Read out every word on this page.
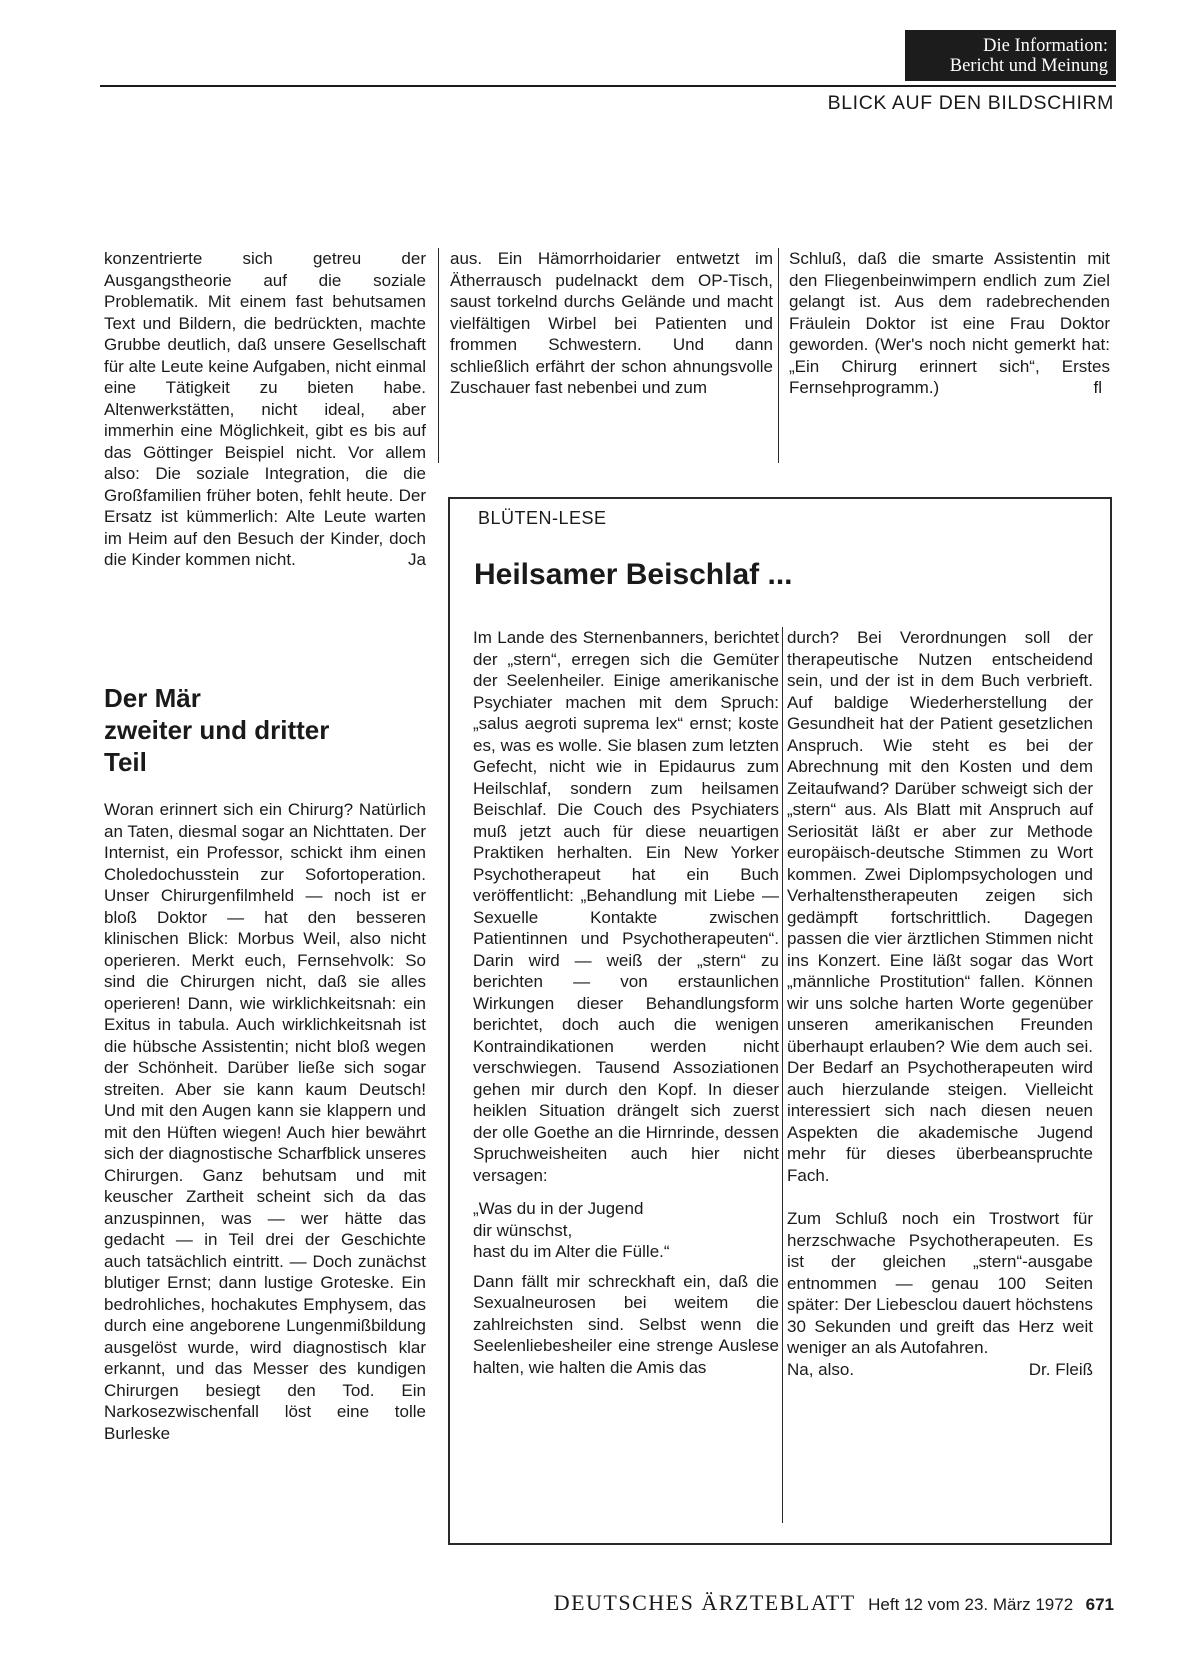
Die Information:
Bericht und Meinung
BLICK AUF DEN BILDSCHIRM

konzentrierte sich getreu der Ausgangstheorie auf die soziale Problematik. Mit einem fast behutsamen Text und Bildern, die bedrückten, machte Grubbe deutlich, daß unsere Gesellschaft für alte Leute keine Aufgaben, nicht einmal eine Tätigkeit zu bieten habe. Altenwerkstätten, nicht ideal, aber immerhin eine Möglichkeit, gibt es bis auf das Göttinger Beispiel nicht. Vor allem also: Die soziale Integration, die die Großfamilien früher boten, fehlt heute. Der Ersatz ist kümmerlich: Alte Leute warten im Heim auf den Besuch der Kinder, doch die Kinder kommen nicht.	Ja
Der Mär
zweiter und dritter
Teil

Woran erinnert sich ein Chirurg? Natürlich an Taten, diesmal sogar an Nichttaten. Der Internist, ein Professor, schickt ihm einen Choledochusstein zur Sofortoperation. Unser Chirurgenfilmheld — noch ist er bloß Doktor — hat den besseren klinischen Blick: Morbus Weil, also nicht operieren. Merkt euch, Fernsehvolk: So sind die Chirurgen nicht, daß sie alles operieren! Dann, wie wirklichkeitsnah: ein Exitus in tabula. Auch wirklichkeitsnah ist die hübsche Assistentin; nicht bloß wegen der Schönheit. Darüber ließe sich sogar streiten. Aber sie kann kaum Deutsch! Und mit den Augen kann sie klappern und mit den Hüften wiegen! Auch hier bewährt sich der diagnostische Scharfblick unseres Chirurgen. Ganz behutsam und mit keuscher Zartheit scheint sich da das anzuspinnen, was — wer hätte das gedacht — in Teil drei der Geschichte auch tatsächlich eintritt. — Doch zunächst blutiger Ernst; dann lustige Groteske. Ein bedrohliches, hochakutes Emphysem, das durch eine angeborene Lungenmißbildung ausgelöst wurde, wird diagnostisch klar erkannt, und das Messer des kundigen Chirurgen besiegt den Tod. Ein Narkosezwischenfall löst eine tolle Burleske

aus. Ein Hämorrhoidarier entwetzt im Ätherrausch pudelnackt dem OP-Tisch, saust torkelnd durchs Gelände und macht vielfältigen Wirbel bei Patienten und frommen Schwestern. Und dann schließlich erfährt der schon ahnungsvolle Zuschauer fast nebenbei und zum

Schluß, daß die smarte Assistentin mit den Fliegenbeinwimpern endlich zum Ziel gelangt ist. Aus dem radebrechenden Fräulein Doktor ist eine Frau Doktor geworden. (Wer's noch nicht gemerkt hat: „Ein Chirurg erinnert sich“, Erstes Fernsehprogramm.)	fl
BLÜTEN-LESE
Heilsamer Beischlaf ...

Im Lande des Sternenbanners, berichtet der „stern“, erregen sich die Gemüter der Seelenheiler. Einige amerikanische Psychiater machen mit dem Spruch: „salus aegroti suprema lex“ ernst; koste es, was es wolle. Sie blasen zum letzten Gefecht, nicht wie in Epidaurus zum Heilschlaf, sondern zum heilsamen Beischlaf. Die Couch des Psychiaters muß jetzt auch für diese neuartigen Praktiken herhalten. Ein New Yorker Psychotherapeut hat ein Buch veröffentlicht: „Behandlung mit Liebe — Sexuelle Kontakte zwischen Patientinnen und Psychotherapeuten“. Darin wird — weiß der „stern“ zu berichten — von erstaunlichen Wirkungen dieser Behandlungsform berichtet, doch auch die wenigen Kontraindikationen werden nicht verschwiegen. Tausend Assoziationen gehen mir durch den Kopf. In dieser heiklen Situation drängelt sich zuerst der olle Goethe an die Hirnrinde, dessen Spruchweisheiten auch hier nicht versagen:

„Was du in der Jugend
dir wünschst,
hast du im Alter die Fülle.“

Dann fällt mir schreckhaft ein, daß die Sexualneurosen bei weitem die zahlreichsten sind. Selbst wenn die Seelenliebesheiler eine strenge Auslese halten, wie halten die Amis das

durch? Bei Verordnungen soll der therapeutische Nutzen entscheidend sein, und der ist in dem Buch verbrieft. Auf baldige Wiederherstellung der Gesundheit hat der Patient gesetzlichen Anspruch. Wie steht es bei der Abrechnung mit den Kosten und dem Zeitaufwand? Darüber schweigt sich der „stern“ aus. Als Blatt mit Anspruch auf Seriosität läßt er aber zur Methode europäisch-deutsche Stimmen zu Wort kommen. Zwei Diplompsychologen und Verhaltenstherapeuten zeigen sich gedämpft fortschrittlich. Dagegen passen die vier ärztlichen Stimmen nicht ins Konzert. Eine läßt sogar das Wort „männliche Prostitution“ fallen. Können wir uns solche harten Worte gegenüber unseren amerikanischen Freunden überhaupt erlauben? Wie dem auch sei. Der Bedarf an Psychotherapeuten wird auch hierzulande steigen. Vielleicht interessiert sich nach diesen neuen Aspekten die akademische Jugend mehr für dieses überbeanspruchte Fach.

Zum Schluß noch ein Trostwort für herzschwache Psychotherapeuten. Es ist der gleichen „stern“-ausgabe entnommen — genau 100 Seiten später: Der Liebesclou dauert höchstens 30 Sekunden und greift das Herz weit weniger an als Autofahren.

Na, also.	Dr. Fleiß

DEUTSCHES ÄRZTEBLATT Heft 12 vom 23. März 1972 671
